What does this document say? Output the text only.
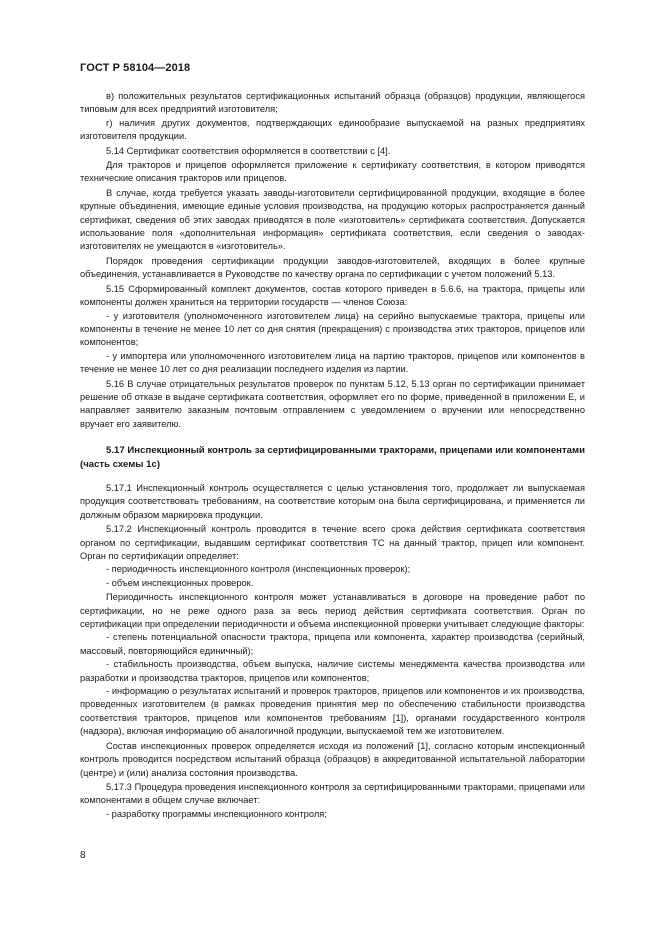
ГОСТ Р 58104—2018

в) положительных результатов сертификационных испытаний образца (образцов) продукции, являющегося типовым для всех предприятий изготовителя;

г) наличия других документов, подтверждающих единообразие выпускаемой на разных предприятиях изготовителя продукции.

5.14 Сертификат соответствия оформляется в соответствии с [4].

Для тракторов и прицепов оформляется приложение к сертификату соответствия, в котором приводятся технические описания тракторов или прицепов.

В случае, когда требуется указать заводы-изготовители сертифицированной продукции, входящие в более крупные объединения, имеющие единые условия производства, на продукцию которых распространяется данный сертификат, сведения об этих заводах приводятся в поле «изготовитель» сертификата соответствия. Допускается использование поля «дополнительная информация» сертификата соответствия, если сведения о заводах-изготовителях не умещаются в «изготовитель».

Порядок проведения сертификации продукции заводов-изготовителей, входящих в более крупные объединения, устанавливается в Руководстве по качеству органа по сертификации с учетом положений 5.13.

5.15 Сформированный комплект документов, состав которого приведен в 5.6.6, на трактора, прицепы или компоненты должен храниться на территории государств — членов Союза:

- у изготовителя (уполномоченного изготовителем лица) на серийно выпускаемые трактора, прицепы или компоненты в течение не менее 10 лет со дня снятия (прекращения) с производства этих тракторов, прицепов или компонентов;

- у импортера или уполномоченного изготовителем лица на партию тракторов, прицепов или компонентов в течение не менее 10 лет со дня реализации последнего изделия из партии.

5.16 В случае отрицательных результатов проверок по пунктам 5.12, 5.13 орган по сертификации принимает решение об отказе в выдаче сертификата соответствия, оформляет его по форме, приведенной в приложении Е, и направляет заявителю заказным почтовым отправлением с уведомлением о вручении или непосредственно вручает его заявителю.

5.17 Инспекционный контроль за сертифицированными тракторами, прицепами или компонентами (часть схемы 1с)

5.17.1 Инспекционный контроль осуществляется с целью установления того, продолжает ли выпускаемая продукция соответствовать требованиям, на соответствие которым она была сертифицирована, и применяется ли должным образом маркировка продукции.

5.17.2 Инспекционный контроль проводится в течение всего срока действия сертификата соответствия органом по сертификации, выдавшим сертификат соответствия ТС на данный трактор, прицеп или компонент. Орган по сертификации определяет:

- периодичность инспекционного контроля (инспекционных проверок);

- объем инспекционных проверок.

Периодичность инспекционного контроля может устанавливаться в договоре на проведение работ по сертификации, но не реже одного раза за весь период действия сертификата соответствия. Орган по сертификации при определении периодичности и объема инспекционной проверки учитывает следующие факторы:

- степень потенциальной опасности трактора, прицепа или компонента, характер производства (серийный, массовый, повторяющийся единичный);

- стабильность производства, объем выпуска, наличие системы менеджмента качества производства или разработки и производства тракторов, прицепов или компонентов;

- информацию о результатах испытаний и проверок тракторов, прицепов или компонентов и их производства, проведенных изготовителем (в рамках проведения принятия мер по обеспечению стабильности производства соответствия тракторов, прицепов или компонентов требованиям [1]), органами государственного контроля (надзора), включая информацию об аналогичной продукции, выпускаемой тем же изготовителем.

Состав инспекционных проверок определяется исходя из положений [1], согласно которым инспекционный контроль проводится посредством испытаний образца (образцов) в аккредитованной испытательной лаборатории (центре) и (или) анализа состояния производства.

5.17.3 Процедура проведения инспекционного контроля за сертифицированными тракторами, прицепами или компонентами в общем случае включает:

- разработку программы инспекционного контроля;

8
